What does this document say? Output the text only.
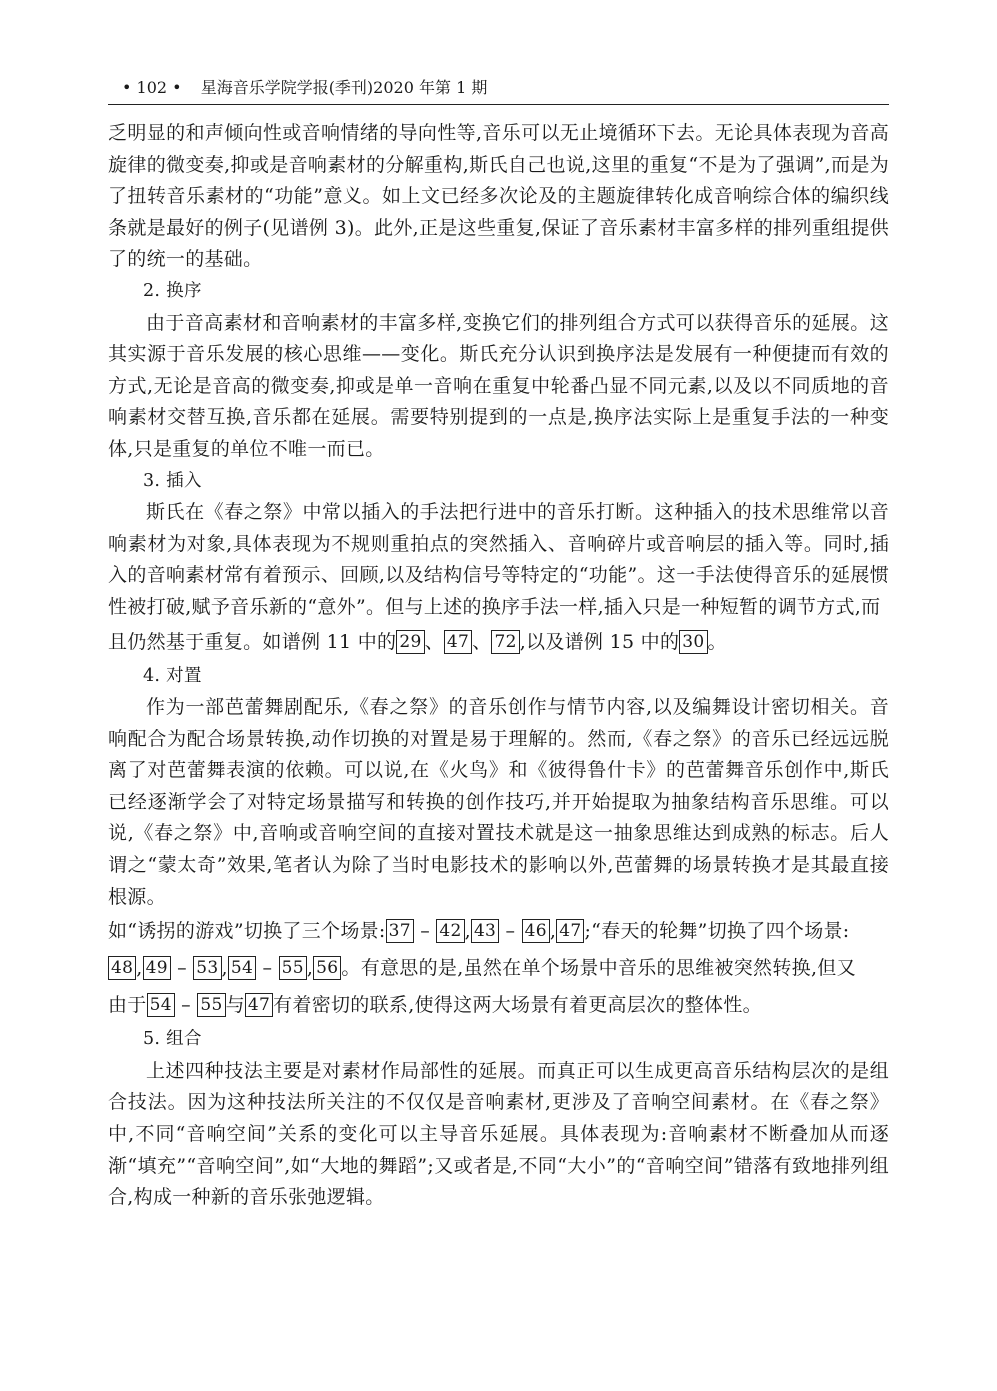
• 102 • 星海音乐学院学报(季刊)2020 年第 1 期

乏明显的和声倾向性或音响情绪的导向性等,音乐可以无止境循环下去。无论具体表现为音高旋律的微变奏,抑或是音响素材的分解重构,斯氏自己也说,这里的重复“不是为了强调”,而是为了扭转音乐素材的“功能”意义。如上文已经多次论及的主题旋律转化成音响综合体的编织线条就是最好的例子(见谱例 3)。此外,正是这些重复,保证了音乐素材丰富多样的排列重组提供了的统一的基础。

2. 换序

由于音高素材和音响素材的丰富多样,变换它们的排列组合方式可以获得音乐的延展。这其实源于音乐发展的核心思维——变化。斯氏充分认识到换序法是发展有一种便捷而有效的方式,无论是音高的微变奏,抑或是单一音响在重复中轮番凸显不同元素,以及以不同质地的音响素材交替互换,音乐都在延展。需要特别提到的一点是,换序法实际上是重复手法的一种变体,只是重复的单位不唯一而已。

3. 插入

斯氏在《春之祭》中常以插入的手法把行进中的音乐打断。这种插入的技术思维常以音响素材为对象,具体表现为不规则重拍点的突然插入、音响碎片或音响层的插入等。同时,插入的音响素材常有着预示、回顾,以及结构信号等特定的“功能”。这一手法使得音乐的延展惯性被打破,赋予音乐新的“意外”。但与上述的换序手法一样,插入只是一种短暂的调节方式,而

且仍然基于重复。如谱例 11 中的 29 、 47 、 72 ,以及谱例 15 中的 30 。

4. 对置

作为一部芭蕾舞剧配乐,《春之祭》的音乐创作与情节内容,以及编舞设计密切相关。音响配合为配合场景转换,动作切换的对置是易于理解的。然而,《春之祭》的音乐已经远远脱离了对芭蕾舞表演的依赖。可以说,在《火鸟》和《彼得鲁什卡》的芭蕾舞音乐创作中,斯氏已经逐渐学会了对特定场景描写和转换的创作技巧,并开始提取为抽象结构音乐思维。可以说,《春之祭》中,音响或音响空间的直接对置技术就是这一抽象思维达到成熟的标志。后人谓之“蒙太奇”效果,笔者认为除了当时电影技术的影响以外,芭蕾舞的场景转换才是其最直接根源。

如“诱拐的游戏”切换了三个场景: 37 – 42 , 43 – 46 , 47 ;“春天的轮舞”切换了四个场景:

48 , 49 – 53 , 54 – 55 , 56 。有意思的是,虽然在单个场景中音乐的思维被突然转换,但又

由于 54 – 55 与 47 有着密切的联系,使得这两大场景有着更高层次的整体性。

5. 组合

上述四种技法主要是对素材作局部性的延展。而真正可以生成更高音乐结构层次的是组合技法。因为这种技法所关注的不仅仅是音响素材,更涉及了音响空间素材。在《春之祭》中,不同“音响空间”关系的变化可以主导音乐延展。具体表现为:音响素材不断叠加从而逐渐“填充”“音响空间”,如“大地的舞蹈”;又或者是,不同“大小”的“音响空间”错落有致地排列组合,构成一种新的音乐张弛逻辑。
